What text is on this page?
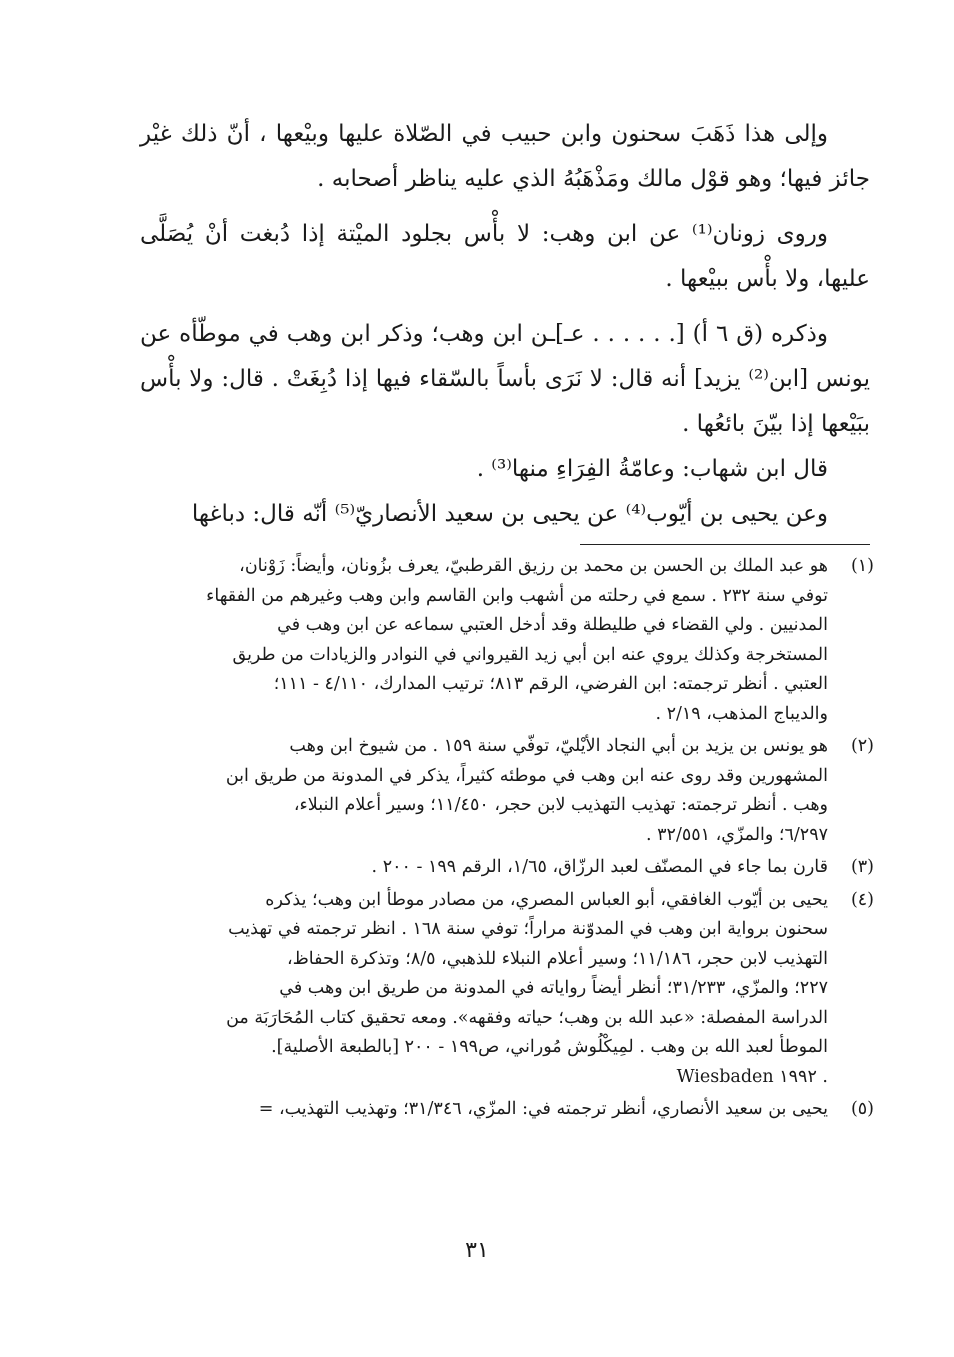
وإلى هذا ذَهَبَ سحنون وابن حبيب في الصّلاة عليها وبيْعها ، أنّ ذلك غيْر جائز فيها؛ وهو قوْل مالك ومَذْهَبُهُ الذي عليه يناظر أصحابه .

وروى زونان⁽¹⁾ عن ابن وهب: لا بأْس بجلود الميْتة إذا دُبغت أنْ يُصَلَّى عليها، ولا بأْس ببيْعها .

وذكره (ق ٦ أ) [. . . . . . عـ]ـن ابن وهب؛ وذكر ابن وهب في موطّأه عن يونس [ابن⁽²⁾ يزيد] أنه قال: لا نَرَى بأساً بالسّقاء فيها إذا دُبِغَتْ . قال: ولا بأْس ببَيْعها إذا بيّنَ بائعُها .

قال ابن شهاب: وعامّةُ الفِرَاءِ منها⁽³⁾ .

وعن يحيى بن أيّوب⁽⁴⁾ عن يحيى بن سعيد الأنصاريّ⁽⁵⁾ أنّه قال: دباغها

(١)
هو عبد الملك بن الحسن بن محمد بن رزيق القرطبيّ، يعرف بزُونان، وأيضاً: زَوْنان،
توفي سنة ٢٣٢ . سمع في رحلته من أشهب وابن القاسم وابن وهب وغيرهم من الفقهاء
المدنيين . ولي القضاء في طليطلة وقد أدخل العتبي سماعه عن ابن وهب في
المستخرجة وكذلك يروي عنه ابن أبي زيد القيرواني في النوادر والزيادات من طريق
العتبي . أنظر ترجمته: ابن الفرضي، الرقم ٨١٣؛ ترتيب المدارك، ٤/١١٠ - ١١١؛
والديباج المذهب، ٢/١٩ .
(٢)
هو يونس بن يزيد بن أبي النجاد الأيْليّ، توفّي سنة ١٥٩ . من شيوخ ابن وهب
المشهورين وقد روى عنه ابن وهب في موطئه كثيراً، يذكر في المدونة من طريق ابن
وهب . أنظر ترجمته: تهذيب التهذيب لابن حجر، ١١/٤٥٠؛ وسير أعلام النبلاء،
٦/٢٩٧؛ والمزّي، ٣٢/٥٥١ .
(٣)
قارن بما جاء في المصنّف لعبد الرزّاق، ١/٦٥، الرقم ١٩٩ - ٢٠٠ .
(٤)
يحيى بن أيّوب الغافقي، أبو العباس المصري، من مصادر موطأ ابن وهب؛ يذكره
سحنون برواية ابن وهب في المدوّنة مراراً؛ توفي سنة ١٦٨ . انظر ترجمته في تهذيب
التهذيب لابن حجر، ١١/١٨٦؛ وسير أعلام النبلاء للذهبي، ٨/٥؛ وتذكرة الحفاظ،
٢٢٧؛ والمزّي، ٣١/٢٣٣؛ أنظر أيضاً رواياته في المدونة من طريق ابن وهب في
الدراسة المفصلة: «عبد الله بن وهب؛ حياته وفقهه». ومعه تحقيق كتاب المُحَارَبَة من
الموطأ لعبد الله بن وهب . لمِيكْلُوش مُوراني، ص١٩٩ - ٢٠٠ [بالطبعة الأصلية].
Wiesbaden ١٩٩٢ .
(٥)
يحيى بن سعيد الأنصاري، أنظر ترجمته في: المزّي، ٣١/٣٤٦؛ وتهذيب التهذيب، =
٣١
